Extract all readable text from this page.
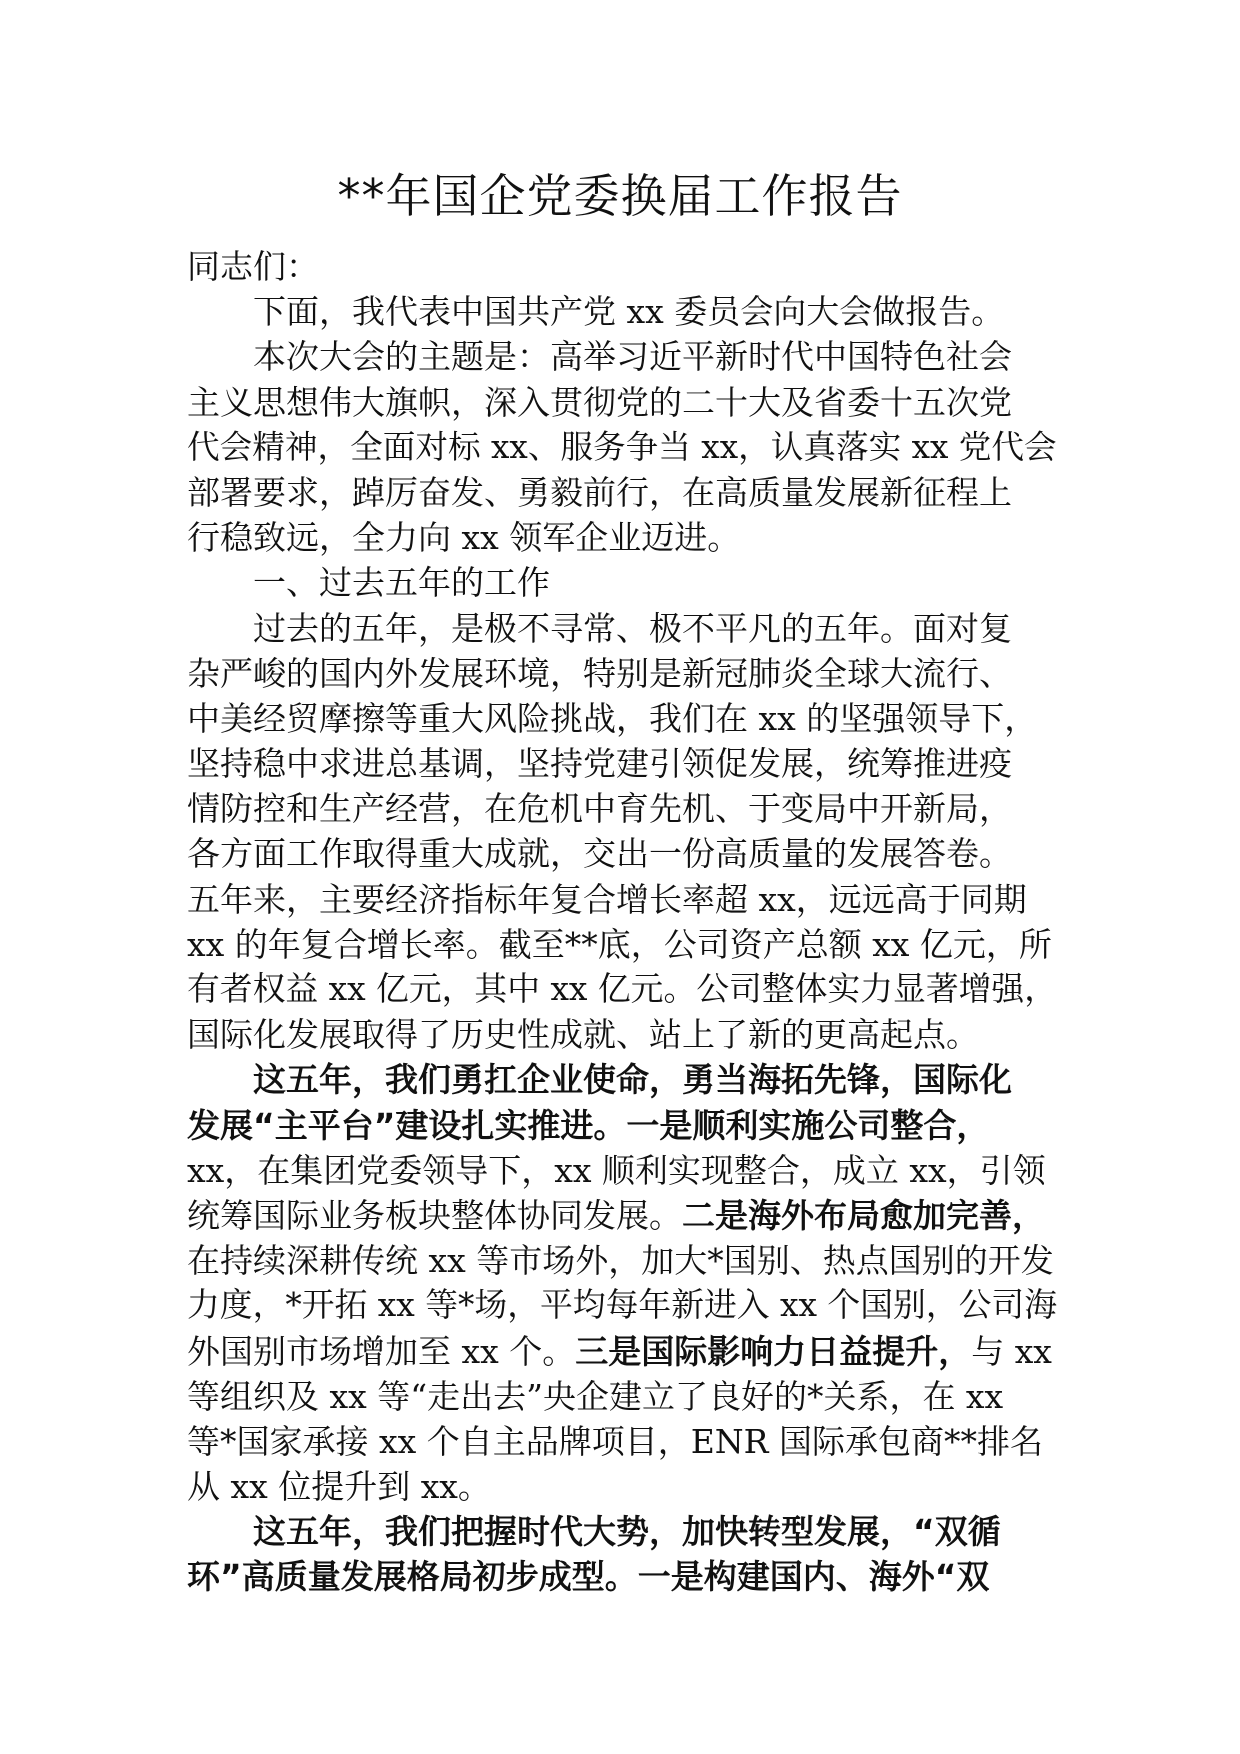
**年国企党委换届工作报告
同志们：
下面，我代表中国共产党 xx 委员会向大会做报告。
本次大会的主题是：高举习近平新时代中国特色社会
主义思想伟大旗帜，深入贯彻党的二十大及省委十五次党
代会精神，全面对标 xx、服务争当 xx，认真落实 xx 党代会
部署要求，踔厉奋发、勇毅前行，在高质量发展新征程上
行稳致远，全力向 xx 领军企业迈进。
一、过去五年的工作
过去的五年，是极不寻常、极不平凡的五年。面对复
杂严峻的国内外发展环境，特别是新冠肺炎全球大流行、
中美经贸摩擦等重大风险挑战，我们在 xx 的坚强领导下，
坚持稳中求进总基调，坚持党建引领促发展，统筹推进疫
情防控和生产经营，在危机中育先机、于变局中开新局，
各方面工作取得重大成就，交出一份高质量的发展答卷。
五年来，主要经济指标年复合增长率超 xx，远远高于同期
xx 的年复合增长率。截至**底，公司资产总额 xx 亿元，所
有者权益 xx 亿元，其中 xx 亿元。公司整体实力显著增强，
国际化发展取得了历史性成就、站上了新的更高起点。
这五年，我们勇扛企业使命，勇当海拓先锋，国际化
发展“主平台”建设扎实推进。一是顺利实施公司整合，
xx，在集团党委领导下，xx 顺利实现整合，成立 xx，引领
统筹国际业务板块整体协同发展。二是海外布局愈加完善，
在持续深耕传统 xx 等市场外，加大*国别、热点国别的开发
力度，*开拓 xx 等*场，平均每年新进入 xx 个国别，公司海
外国别市场增加至 xx 个。三是国际影响力日益提升，与 xx
等组织及 xx 等“走出去”央企建立了良好的*关系，在 xx
等*国家承接 xx 个自主品牌项目，ENR 国际承包商**排名
从 xx 位提升到 xx。
这五年，我们把握时代大势，加快转型发展，“双循
环”高质量发展格局初步成型。一是构建国内、海外“双
